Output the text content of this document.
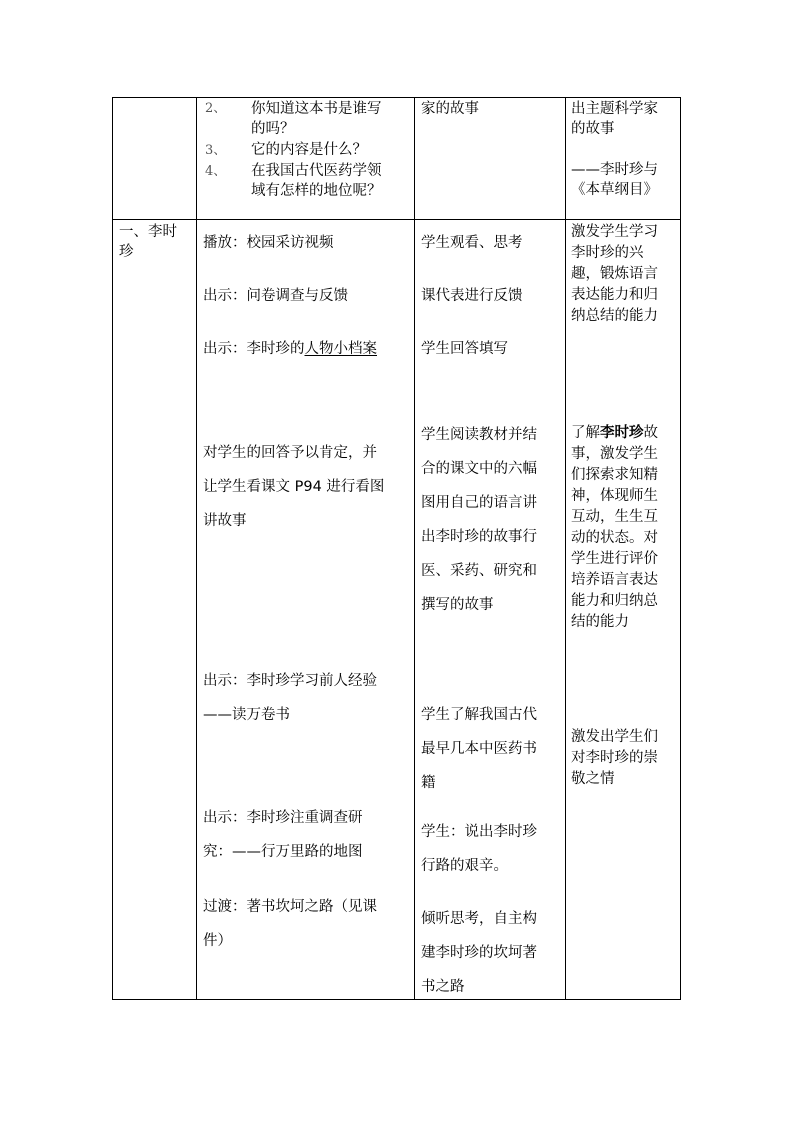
2、 你知道这本书是谁写
的吗？
3、 它的内容是什么？
4、 在我国古代医药学领
域有怎样的地位呢？
家的故事	出主题科学家
的故事
——李时珍与
《本草纲目》
一、李时
珍
播放：校园采访视频
出示：问卷调查与反馈
出示：李时珍的人物小档案
对学生的回答予以肯定，并
让学生看课文 P94 进行看图
讲故事
出示：李时珍学习前人经验
——读万卷书
出示：李时珍注重调查研
究：——行万里路的地图
过渡：著书坎坷之路（见课
件）
学生观看、思考
课代表进行反馈
学生回答填写
学生阅读教材并结
合的课文中的六幅
图用自己的语言讲
出李时珍的故事行
医、采药、研究和
撰写的故事
学生了解我国古代
最早几本中医药书
籍
学生：说出李时珍
行路的艰辛。
倾听思考，自主构
建李时珍的坎坷著
书之路
激发学生学习
李时珍的兴
趣，锻炼语言
表达能力和归
纳总结的能力
了解李时珍故
事，激发学生
们探索求知精
神，体现师生
互动，生生互
动的状态。对
学生进行评价
培养语言表达
能力和归纳总
结的能力
激发出学生们
对李时珍的崇
敬之情
